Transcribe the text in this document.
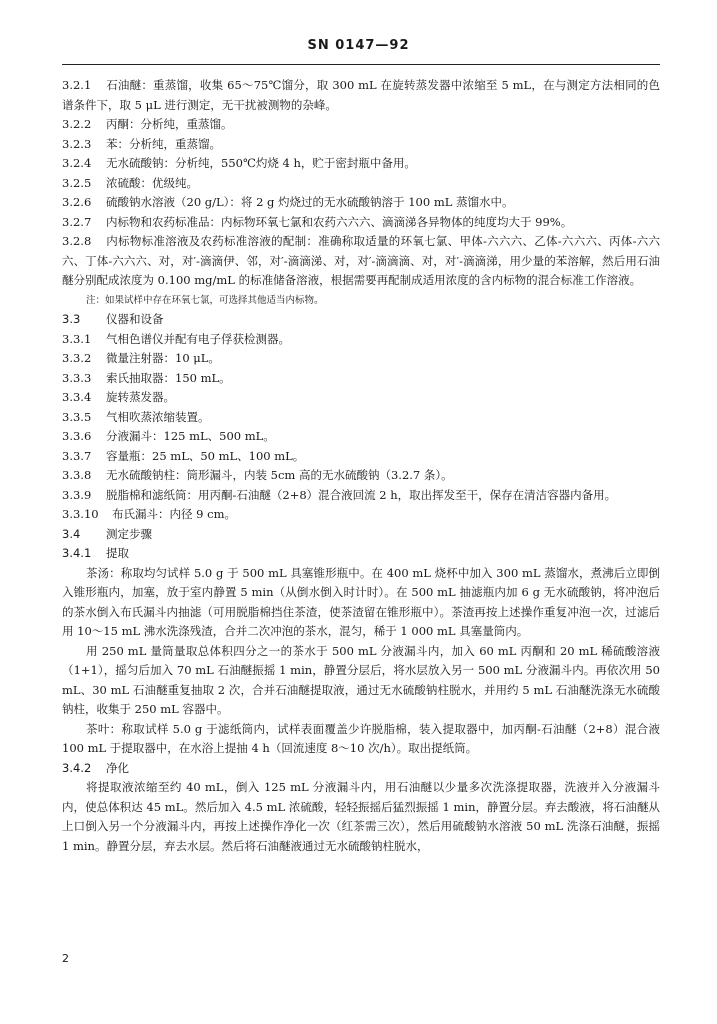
SN 0147—92

3.2.1 石油醚：重蒸馏，收集 65～75℃馏分，取 300 mL 在旋转蒸发器中浓缩至 5 mL，在与测定方法相同的色谱条件下，取 5 μL 进行测定，无干扰被测物的杂峰。

3.2.2 丙酮：分析纯，重蒸馏。

3.2.3 苯：分析纯，重蒸馏。

3.2.4 无水硫酸钠：分析纯，550℃灼烧 4 h，贮于密封瓶中备用。

3.2.5 浓硫酸：优级纯。

3.2.6 硫酸钠水溶液（20 g/L）：将 2 g 灼烧过的无水硫酸钠溶于 100 mL 蒸馏水中。

3.2.7 内标物和农药标准品：内标物环氧七氯和农药六六六、滴滴涕各异物体的纯度均大于 99%。

3.2.8 内标物标准溶液及农药标准溶液的配制：准确称取适量的环氧七氯、甲体-六六六、乙体-六六六、丙体-六六六、丁体-六六六、对，对′-滴滴伊、邻，对′-滴滴涕、对，对′-滴滴滴、对，对′-滴滴涕，用少量的苯溶解，然后用石油醚分别配成浓度为 0.100 mg/mL 的标准储备溶液，根据需要再配制成适用浓度的含内标物的混合标准工作溶液。

注：如果试样中存在环氧七氯，可选择其他适当内标物。

3.3 仪器和设备

3.3.1 气相色谱仪并配有电子俘获检测器。

3.3.2 微量注射器：10 μL。

3.3.3 索氏抽取器：150 mL。

3.3.4 旋转蒸发器。

3.3.5 气相吹蒸浓缩装置。

3.3.6 分液漏斗：125 mL、500 mL。

3.3.7 容量瓶：25 mL、50 mL、100 mL。

3.3.8 无水硫酸钠柱：筒形漏斗，内装 5cm 高的无水硫酸钠（3.2.7 条）。

3.3.9 脱脂棉和滤纸筒：用丙酮-石油醚（2+8）混合液回流 2 h，取出挥发至干，保存在清洁容器内备用。

3.3.10 布氏漏斗：内径 9 cm。

3.4 测定步骤

3.4.1 提取

茶汤：称取均匀试样 5.0 g 于 500 mL 具塞锥形瓶中。在 400 mL 烧杯中加入 300 mL 蒸馏水，煮沸后立即倒入锥形瓶内，加塞，放于室内静置 5 min（从倒水倒入时计时）。在 500 mL 抽滤瓶内加 6 g 无水硫酸钠，将冲泡后的茶水倒入布氏漏斗内抽滤（可用脱脂棉挡住茶渣，使茶渣留在锥形瓶中）。茶渣再按上述操作重复冲泡一次，过滤后用 10～15 mL 沸水洗涤残渣，合并二次冲泡的茶水，混匀，稀于 1 000 mL 具塞量筒内。

用 250 mL 量筒量取总体积四分之一的茶水于 500 mL 分液漏斗内，加入 60 mL 丙酮和 20 mL 稀硫酸溶液（1+1），摇匀后加入 70 mL 石油醚振摇 1 min，静置分层后，将水层放入另一 500 mL 分液漏斗内。再依次用 50 mL、30 mL 石油醚重复抽取 2 次，合并石油醚提取液，通过无水硫酸钠柱脱水，并用约 5 mL 石油醚洗涤无水硫酸钠柱，收集于 250 mL 容器中。

茶叶：称取试样 5.0 g 于滤纸筒内，试样表面覆盖少许脱脂棉，装入提取器中，加丙酮-石油醚（2+8）混合液 100 mL 于提取器中，在水浴上提抽 4 h（回流速度 8～10 次/h）。取出提纸筒。

3.4.2 净化

将提取液浓缩至约 40 mL，倒入 125 mL 分液漏斗内，用石油醚以少量多次洗涤提取器，洗液并入分液漏斗内，使总体积达 45 mL。然后加入 4.5 mL 浓硫酸，轻轻振摇后猛烈振摇 1 min，静置分层。弃去酸液，将石油醚从上口倒入另一个分液漏斗内，再按上述操作净化一次（红茶需三次），然后用硫酸钠水溶液 50 mL 洗涤石油醚，振摇 1 min。静置分层，弃去水层。然后将石油醚液通过无水硫酸钠柱脱水，

2
